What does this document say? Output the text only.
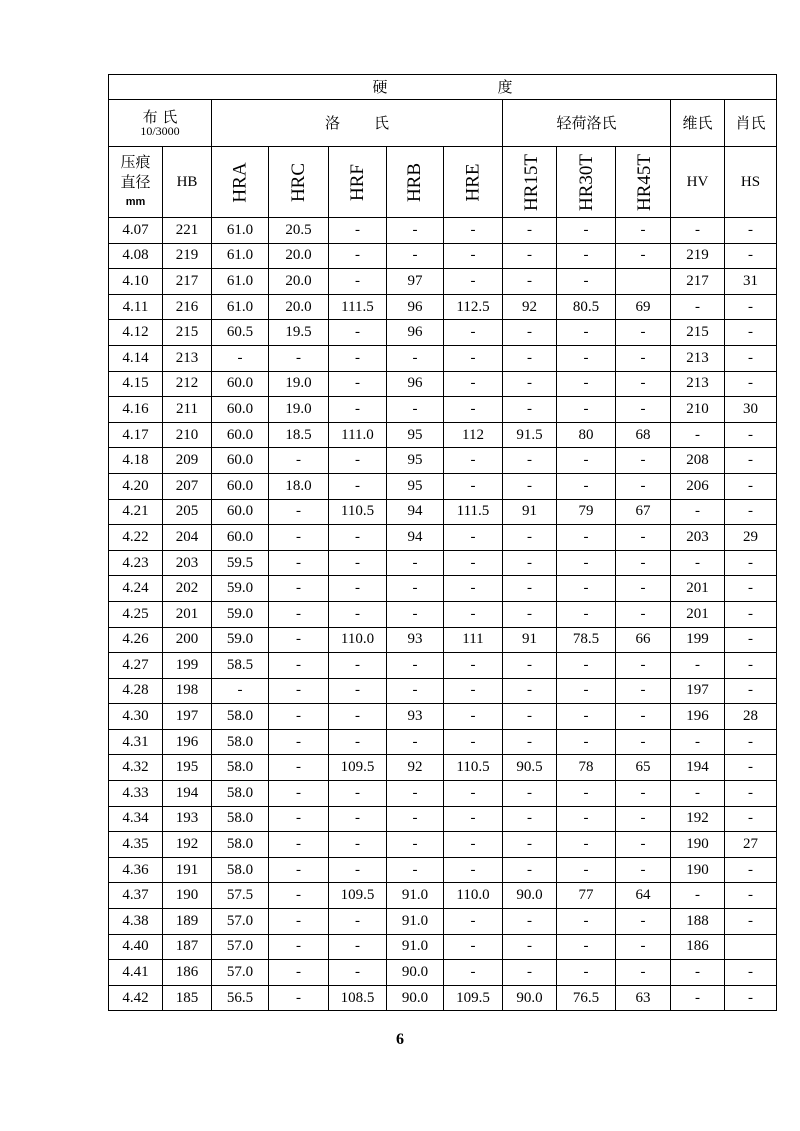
硬 度											

布 氏
10/3000		洛 氏					轻荷洛氏			维氏	肖氏

压痕
直径
mm	HB	HRA	HRC	HRF	HRB	HRE	HR15T	HR30T	HR45T	HV	HS
4.07	221	61.0	20.5	-	-	-	-	-	-	-	-
4.08	219	61.0	20.0	-	-	-	-	-	-	219	-
4.10	217	61.0	20.0	-	97	-	-	-		217	31
4.11	216	61.0	20.0	111.5	96	112.5	92	80.5	69	-	-
4.12	215	60.5	19.5	-	96	-	-	-	-	215	-
4.14	213	-	-	-	-	-	-	-	-	213	-
4.15	212	60.0	19.0	-	96	-	-	-	-	213	-
4.16	211	60.0	19.0	-	-	-	-	-	-	210	30
4.17	210	60.0	18.5	111.0	95	112	91.5	80	68	-	-
4.18	209	60.0	-	-	95	-	-	-	-	208	-
4.20	207	60.0	18.0	-	95	-	-	-	-	206	-
4.21	205	60.0	-	110.5	94	111.5	91	79	67	-	-
4.22	204	60.0	-	-	94	-	-	-	-	203	29
4.23	203	59.5	-	-	-	-	-	-	-	-	-
4.24	202	59.0	-	-	-	-	-	-	-	201	-
4.25	201	59.0	-	-	-	-	-	-	-	201	-
4.26	200	59.0	-	110.0	93	111	91	78.5	66	199	-
4.27	199	58.5	-	-	-	-	-	-	-	-	-
4.28	198	-	-	-	-	-	-	-	-	197	-
4.30	197	58.0	-	-	93	-	-	-	-	196	28
4.31	196	58.0	-	-	-	-	-	-	-	-	-
4.32	195	58.0	-	109.5	92	110.5	90.5	78	65	194	-
4.33	194	58.0	-	-	-	-	-	-	-	-	-
4.34	193	58.0	-	-	-	-	-	-	-	192	-
4.35	192	58.0	-	-	-	-	-	-	-	190	27
4.36	191	58.0	-	-	-	-	-	-	-	190	-
4.37	190	57.5	-	109.5	91.0	110.0	90.0	77	64	-	-
4.38	189	57.0	-	-	91.0	-	-	-	-	188	-
4.40	187	57.0	-	-	91.0	-	-	-	-	186	
4.41	186	57.0	-	-	90.0	-	-	-	-	-	-
4.42	185	56.5	-	108.5	90.0	109.5	90.0	76.5	63	-	-
6
